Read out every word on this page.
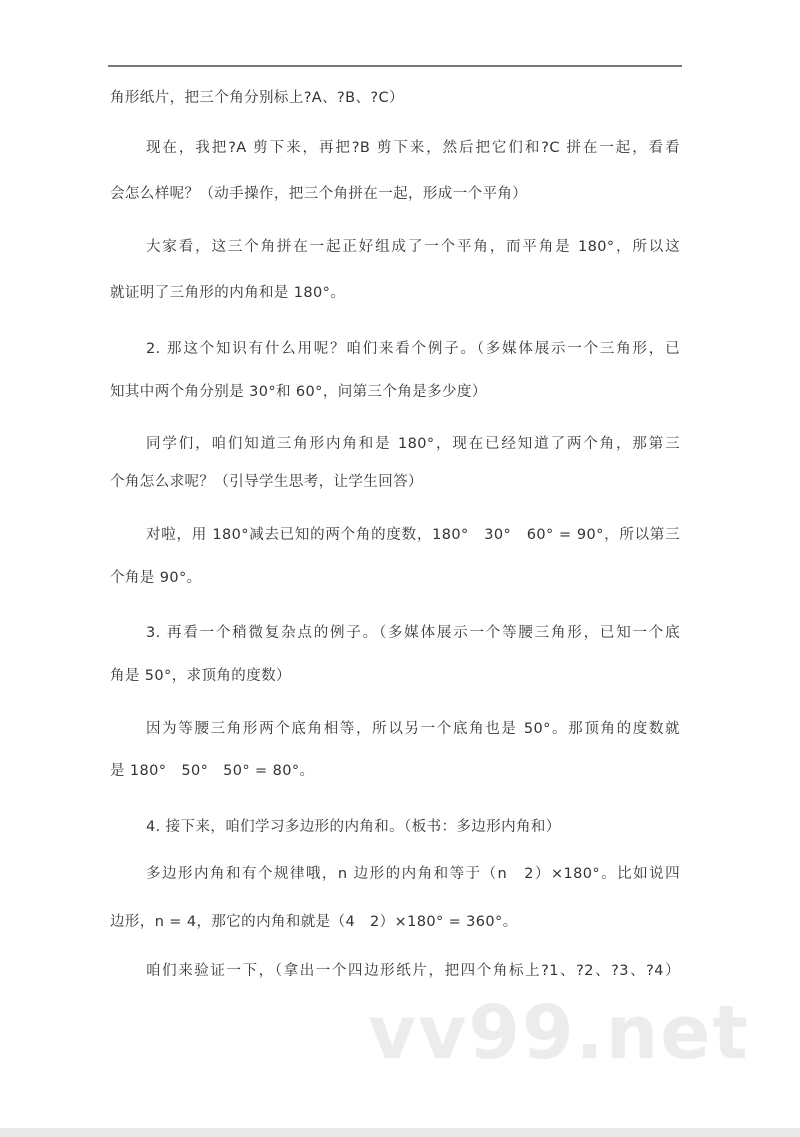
角形纸片，把三个角分别标上?A、?B、?C）
现在，我把?A 剪下来，再把?B 剪下来，然后把它们和?C 拼在一起，看看
会怎么样呢？（动手操作，把三个角拼在一起，形成一个平角）
大家看，这三个角拼在一起正好组成了一个平角，而平角是 180°，所以这
就证明了三角形的内角和是 180°。
2. 那这个知识有什么用呢？咱们来看个例子。（多媒体展示一个三角形，已
知其中两个角分别是 30°和 60°，问第三个角是多少度）
同学们，咱们知道三角形内角和是 180°，现在已经知道了两个角，那第三
个角怎么求呢？（引导学生思考，让学生回答）
对啦，用 180°减去已知的两个角的度数，180°　30°　60° = 90°，所以第三
个角是 90°。
3. 再看一个稍微复杂点的例子。（多媒体展示一个等腰三角形，已知一个底
角是 50°，求顶角的度数）
因为等腰三角形两个底角相等，所以另一个底角也是 50°。那顶角的度数就
是 180°　50°　50° = 80°。
4. 接下来，咱们学习多边形的内角和。（板书：多边形内角和）
多边形内角和有个规律哦，n 边形的内角和等于（n　2）×180°。比如说四
边形，n = 4，那它的内角和就是（4　2）×180° = 360°。
咱们来验证一下，（拿出一个四边形纸片，把四个角标上?1、?2、?3、?4）
vv99.net
